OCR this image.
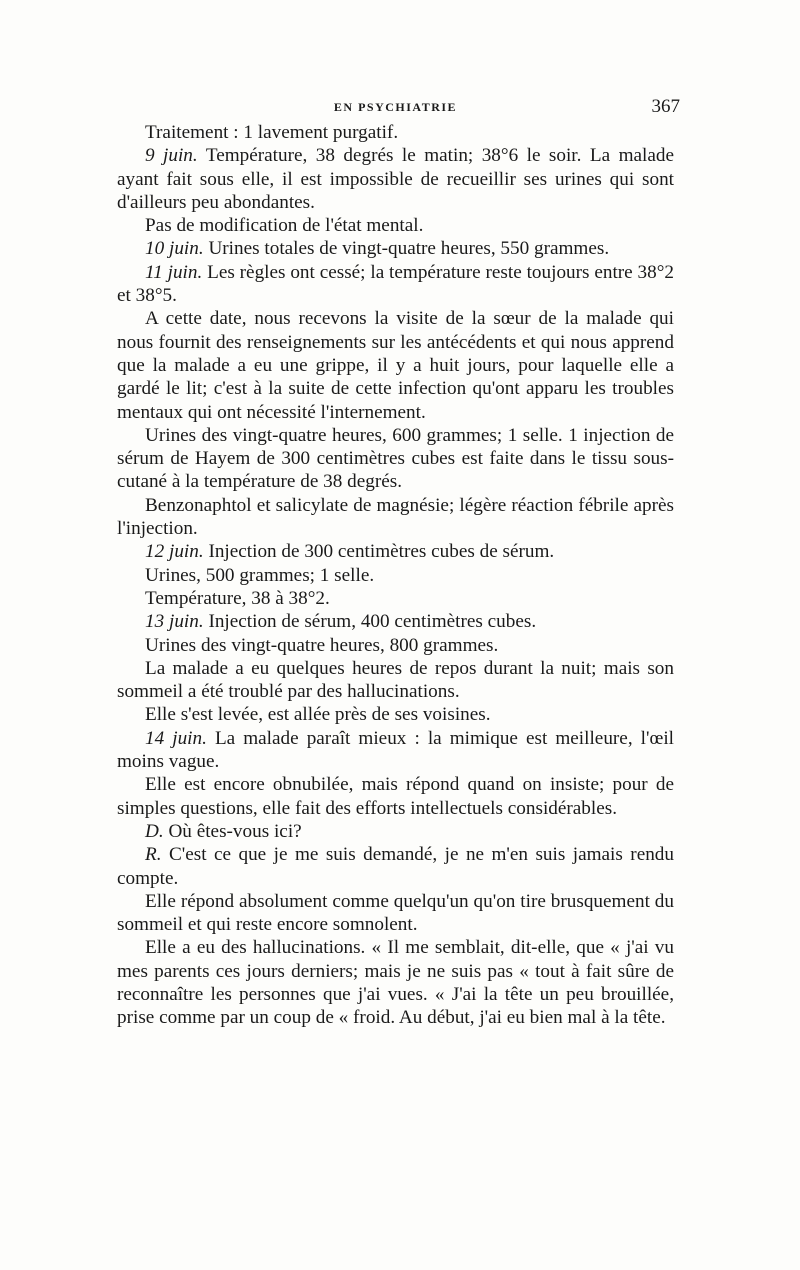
EN PSYCHIATRIE	367

Traitement : 1 lavement purgatif.

9 juin. Température, 38 degrés le matin; 38°6 le soir. La malade ayant fait sous elle, il est impossible de recueillir ses urines qui sont d'ailleurs peu abondantes.

Pas de modification de l'état mental.

10 juin. Urines totales de vingt-quatre heures, 550 grammes.

11 juin. Les règles ont cessé; la température reste toujours entre 38°2 et 38°5.

A cette date, nous recevons la visite de la sœur de la malade qui nous fournit des renseignements sur les antécédents et qui nous apprend que la malade a eu une grippe, il y a huit jours, pour laquelle elle a gardé le lit; c'est à la suite de cette infection qu'ont apparu les troubles mentaux qui ont nécessité l'internement.

Urines des vingt-quatre heures, 600 grammes; 1 selle. 1 injection de sérum de Hayem de 300 centimètres cubes est faite dans le tissu sous-cutané à la température de 38 degrés.

Benzonaphtol et salicylate de magnésie; légère réaction fébrile après l'injection.

12 juin. Injection de 300 centimètres cubes de sérum.

Urines, 500 grammes; 1 selle.

Température, 38 à 38°2.

13 juin. Injection de sérum, 400 centimètres cubes.

Urines des vingt-quatre heures, 800 grammes.

La malade a eu quelques heures de repos durant la nuit; mais son sommeil a été troublé par des hallucinations.

Elle s'est levée, est allée près de ses voisines.

14 juin. La malade paraît mieux : la mimique est meilleure, l'œil moins vague.

Elle est encore obnubilée, mais répond quand on insiste; pour de simples questions, elle fait des efforts intellectuels considérables.

D. Où êtes-vous ici?

R. C'est ce que je me suis demandé, je ne m'en suis jamais rendu compte.

Elle répond absolument comme quelqu'un qu'on tire brusquement du sommeil et qui reste encore somnolent.

Elle a eu des hallucinations. « Il me semblait, dit-elle, que « j'ai vu mes parents ces jours derniers; mais je ne suis pas « tout à fait sûre de reconnaître les personnes que j'ai vues. « J'ai la tête un peu brouillée, prise comme par un coup de « froid. Au début, j'ai eu bien mal à la tête.
